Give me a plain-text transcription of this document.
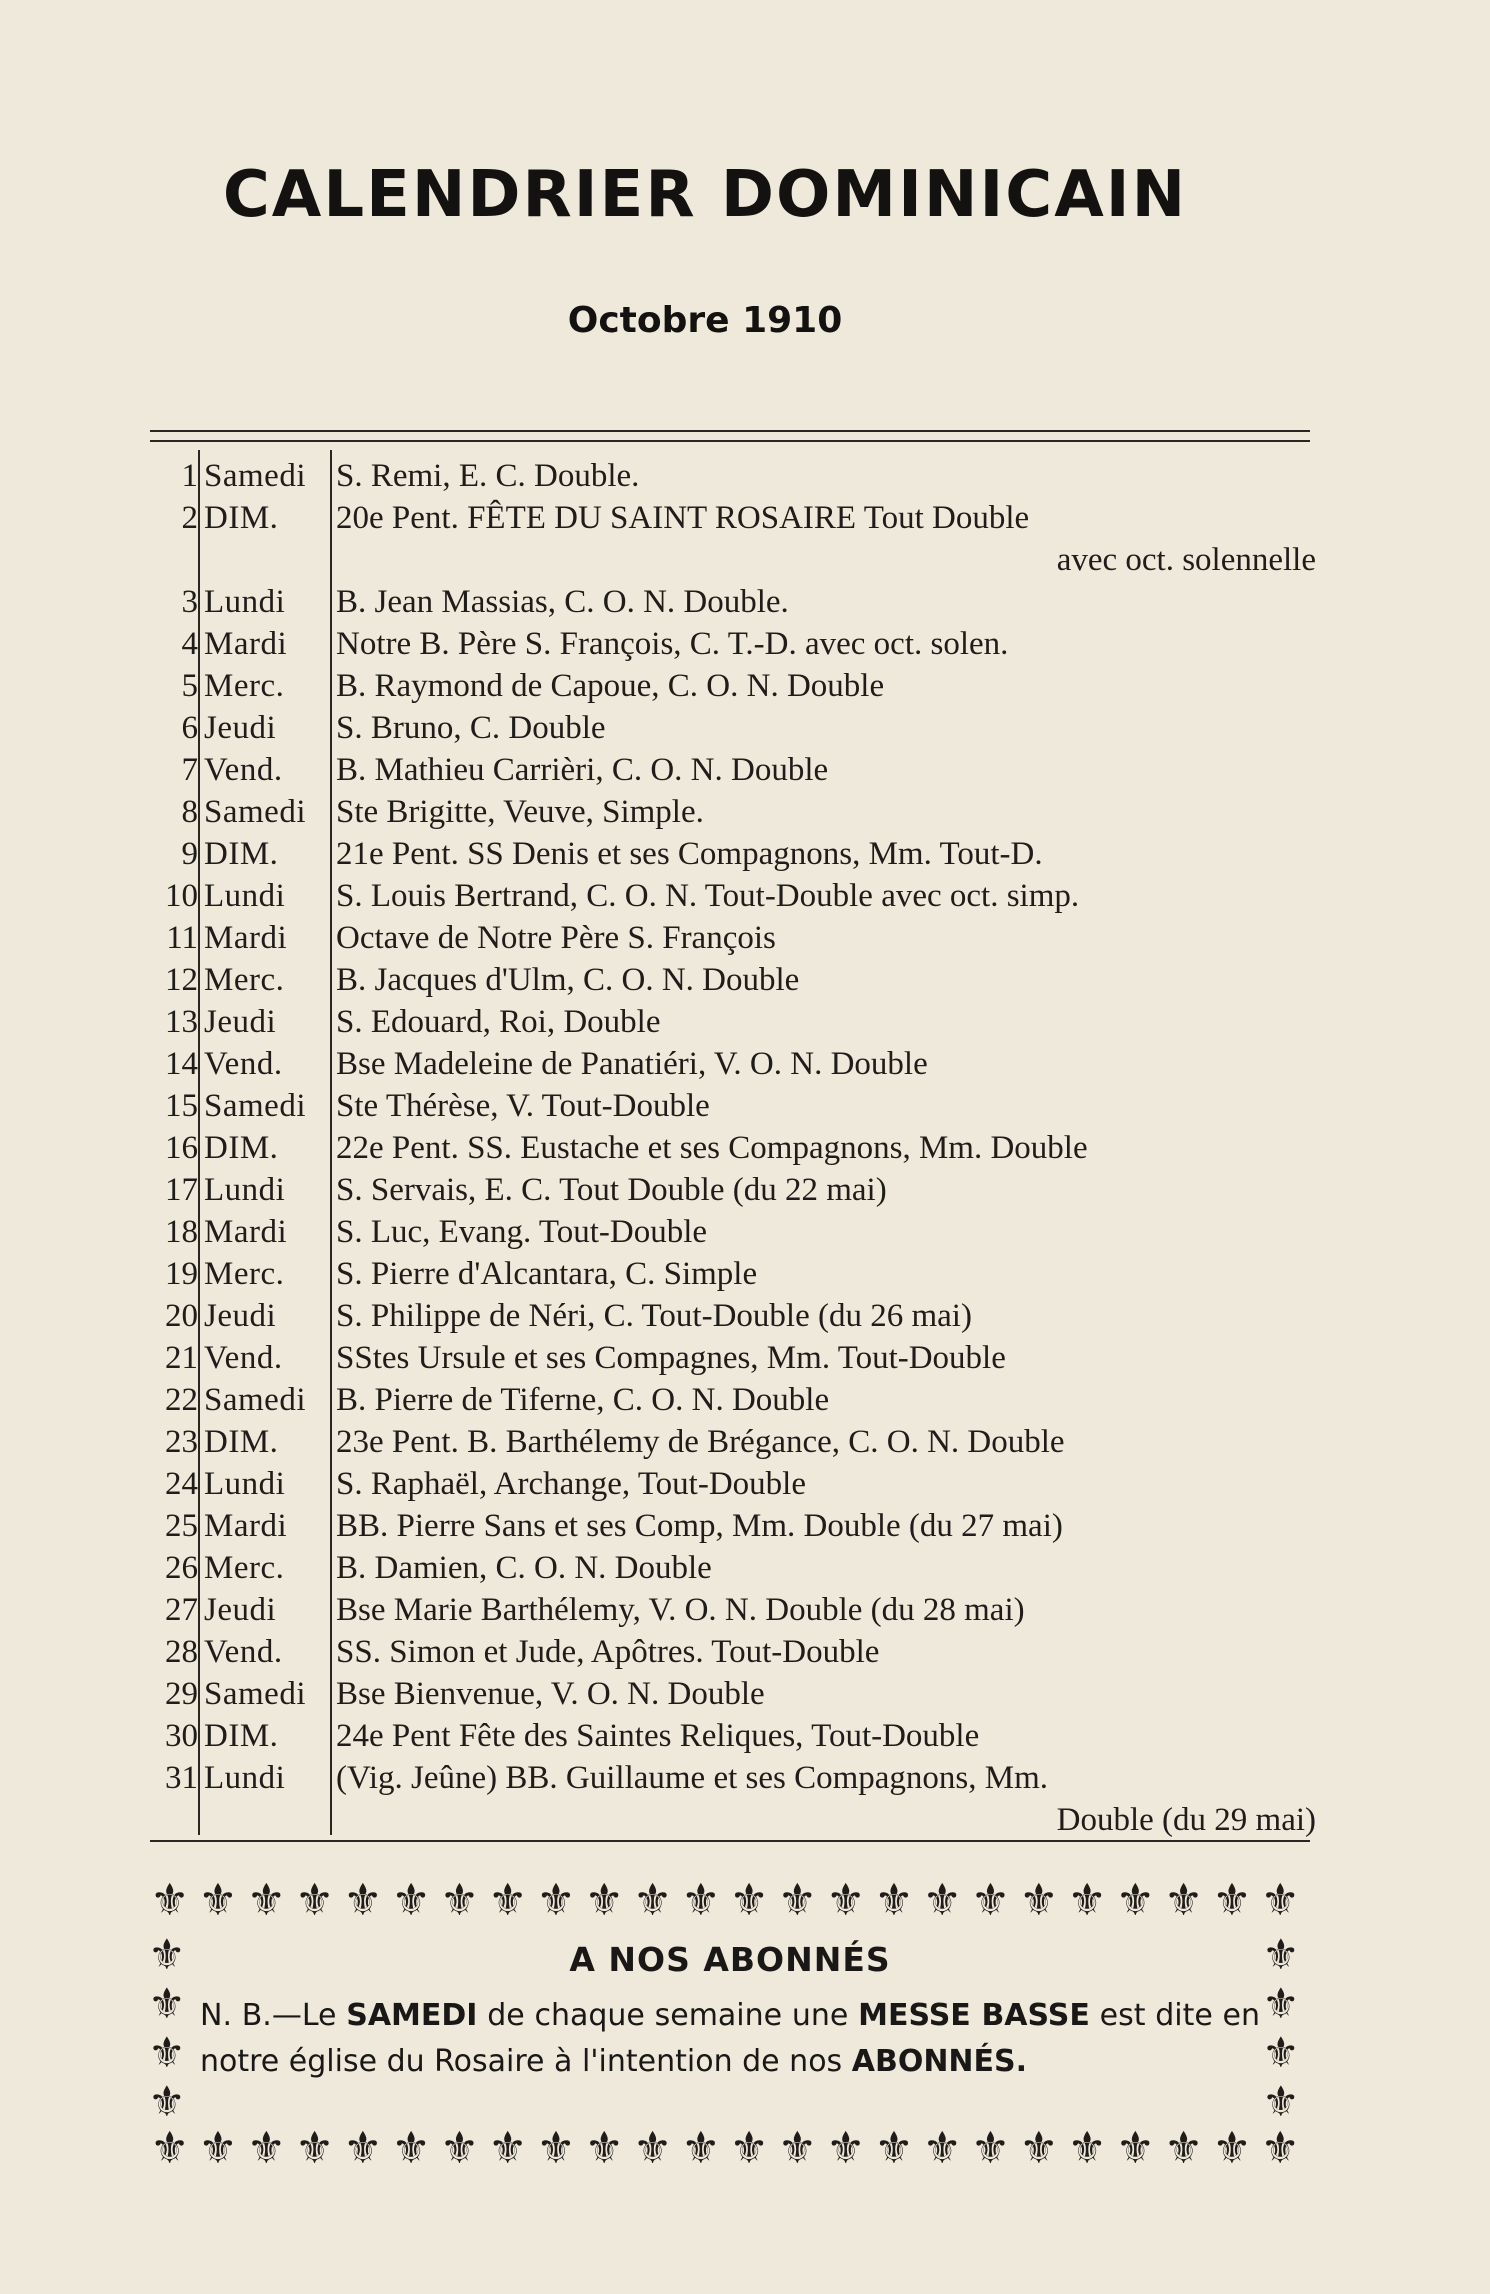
CALENDRIER DOMINICAIN
Octobre 1910
1 Samedi S. Remi, E. C. Double.
2 DIM.	20e Pent. FÊTE DU SAINT ROSAIRE Tout Double
avec oct. solennelle
3 Lundi	B. Jean Massias, C. O. N. Double.
4 Mardi	Notre B. Père S. François, C. T.-D. avec oct. solen.
5 Merc.	B. Raymond de Capoue, C. O. N. Double
6 Jeudi	S. Bruno, C. Double
7 Vend.	B. Mathieu Carrièri, C. O. N. Double
8 Samedi Ste Brigitte, Veuve, Simple.
9 DIM.	21e Pent. SS Denis et ses Compagnons, Mm. Tout-D.
10 Lundi	S. Louis Bertrand, C. O. N. Tout-Double avec oct. simp.
11 Mardi	Octave de Notre Père S. François
12 Merc.	B. Jacques d'Ulm, C. O. N. Double
13 Jeudi	S. Edouard, Roi, Double
14 Vend.	Bse Madeleine de Panatiéri, V. O. N. Double
15 Samedi Ste Thérèse, V. Tout-Double
16 DIM.	22e Pent. SS. Eustache et ses Compagnons, Mm. Double
17 Lundi	S. Servais, E. C. Tout Double (du 22 mai)
18 Mardi	S. Luc, Evang. Tout-Double
19 Merc.	S. Pierre d'Alcantara, C. Simple
20 Jeudi	S. Philippe de Néri, C. Tout-Double (du 26 mai)
21 Vend.	SStes Ursule et ses Compagnes, Mm. Tout-Double
22 Samedi B. Pierre de Tiferne, C. O. N. Double
23 DIM.	23e Pent. B. Barthélemy de Brégance, C. O. N. Double
24 Lundi	S. Raphaël, Archange, Tout-Double
25 Mardi	BB. Pierre Sans et ses Comp, Mm. Double (du 27 mai)
26 Merc.	B. Damien, C. O. N. Double
27 Jeudi	Bse Marie Barthélemy, V. O. N. Double (du 28 mai)
28 Vend.	SS. Simon et Jude, Apôtres. Tout-Double
29 Samedi Bse Bienvenue, V. O. N. Double
30 DIM.	24e Pent Fête des Saintes Reliques, Tout-Double
31 Lundi	(Vig. Jeûne) BB. Guillaume et ses Compagnons, Mm.
Double (du 29 mai)
⚜ ⚜ ⚜ ⚜ ⚜ ⚜ ⚜ ⚜ ⚜ ⚜ ⚜ ⚜ ⚜ ⚜ ⚜ ⚜ ⚜ ⚜ ⚜ ⚜ ⚜ ⚜ ⚜ ⚜
⚜ ⚜ ⚜ ⚜ ⚜ ⚜ ⚜ ⚜ ⚜ ⚜ ⚜ ⚜ ⚜ ⚜ ⚜ ⚜ ⚜ ⚜ ⚜ ⚜ ⚜ ⚜ ⚜ ⚜
⚜
⚜
⚜
⚜
⚜
⚜
⚜
⚜
A NOS ABONNÉS
N. B.—Le SAMEDI de chaque semaine une MESSE BASSE est dite en notre église du Rosaire à l'intention de nos ABONNÉS.
